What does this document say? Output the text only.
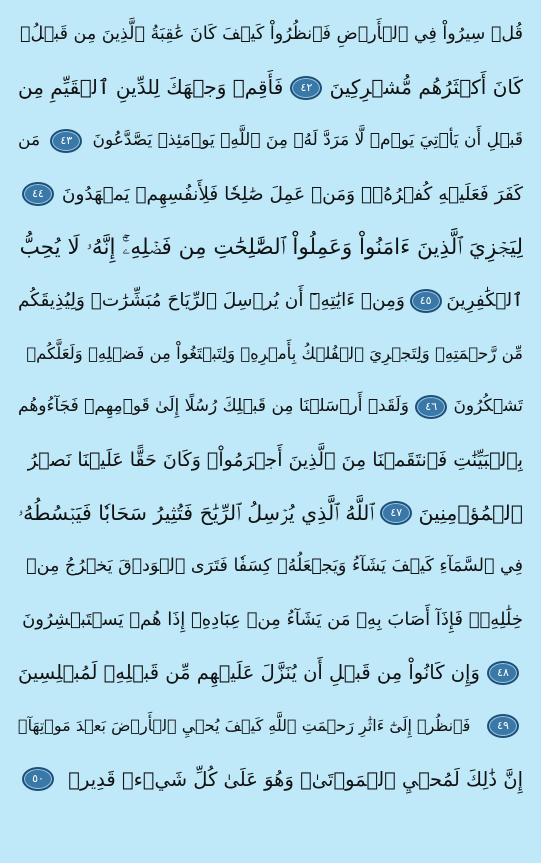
قُلۡ سِيرُواْ فِي ٱلۡأَرۡضِ فَٱنظُرُواْ كَيۡفَ كَانَ عَٰقِبَةُ ٱلَّذِينَ مِن قَبۡلُۚ
كَانَ أَكۡثَرُهُم مُّشۡرِكِينَ
٤٢
فَأَقِمۡ وَجۡهَكَ لِلدِّينِ ٱلۡقَيِّمِ مِن
قَبۡلِ أَن يَأۡتِيَ يَوۡمٞ لَّا مَرَدَّ لَهُۥ مِنَ ٱللَّهِۖ يَوۡمَئِذٖ يَصَّدَّعُونَ
٤٣
مَن
كَفَرَ فَعَلَيۡهِ كُفۡرُهُۥۖ وَمَنۡ عَمِلَ صَٰلِحٗا فَلِأَنفُسِهِمۡ يَمۡهَدُونَ
٤٤
لِيَجۡزِيَ ٱلَّذِينَ ءَامَنُواْ وَعَمِلُواْ ٱلصَّٰلِحَٰتِ مِن فَضۡلِهِۦٓۚ إِنَّهُۥ لَا يُحِبُّ
ٱلۡكَٰفِرِينَ
٤٥
وَمِنۡ ءَايَٰتِهِۦٓ أَن يُرۡسِلَ ٱلرِّيَاحَ مُبَشِّرَٰتٖ وَلِيُذِيقَكُم
مِّن رَّحۡمَتِهِۦ وَلِتَجۡرِيَ ٱلۡفُلۡكُ بِأَمۡرِهِۦ وَلِتَبۡتَغُواْ مِن فَضۡلِهِۦ وَلَعَلَّكُمۡ
تَشۡكُرُونَ
٤٦
وَلَقَدۡ أَرۡسَلۡنَا مِن قَبۡلِكَ رُسُلًا إِلَىٰ قَوۡمِهِمۡ فَجَآءُوهُم
بِٱلۡبَيِّنَٰتِ فَٱنتَقَمۡنَا مِنَ ٱلَّذِينَ أَجۡرَمُواْۖ وَكَانَ حَقًّا عَلَيۡنَا نَصۡرُ
ٱلۡمُؤۡمِنِينَ
٤٧
ٱللَّهُ ٱلَّذِي يُرۡسِلُ ٱلرِّيَٰحَ فَتُثِيرُ سَحَابٗا فَيَبۡسُطُهُۥ
فِي ٱلسَّمَآءِ كَيۡفَ يَشَآءُ وَيَجۡعَلُهُۥ كِسَفٗا فَتَرَى ٱلۡوَدۡقَ يَخۡرُجُ مِنۡ
خِلَٰلِهِۦۖ فَإِذَآ أَصَابَ بِهِۦ مَن يَشَآءُ مِنۡ عِبَادِهِۦٓ إِذَا هُمۡ يَسۡتَبۡشِرُونَ
٤٨
وَإِن كَانُواْ مِن قَبۡلِ أَن يُنَزَّلَ عَلَيۡهِم مِّن قَبۡلِهِۦ لَمُبۡلِسِينَ
٤٩
فَٱنظُرۡ إِلَىٰٓ ءَاثَٰرِ رَحۡمَتِ ٱللَّهِ كَيۡفَ يُحۡيِ ٱلۡأَرۡضَ بَعۡدَ مَوۡتِهَآۚ
إِنَّ ذَٰلِكَ لَمُحۡيِ ٱلۡمَوۡتَىٰۖ وَهُوَ عَلَىٰ كُلِّ شَيۡءٖ قَدِيرٞ
٥٠
